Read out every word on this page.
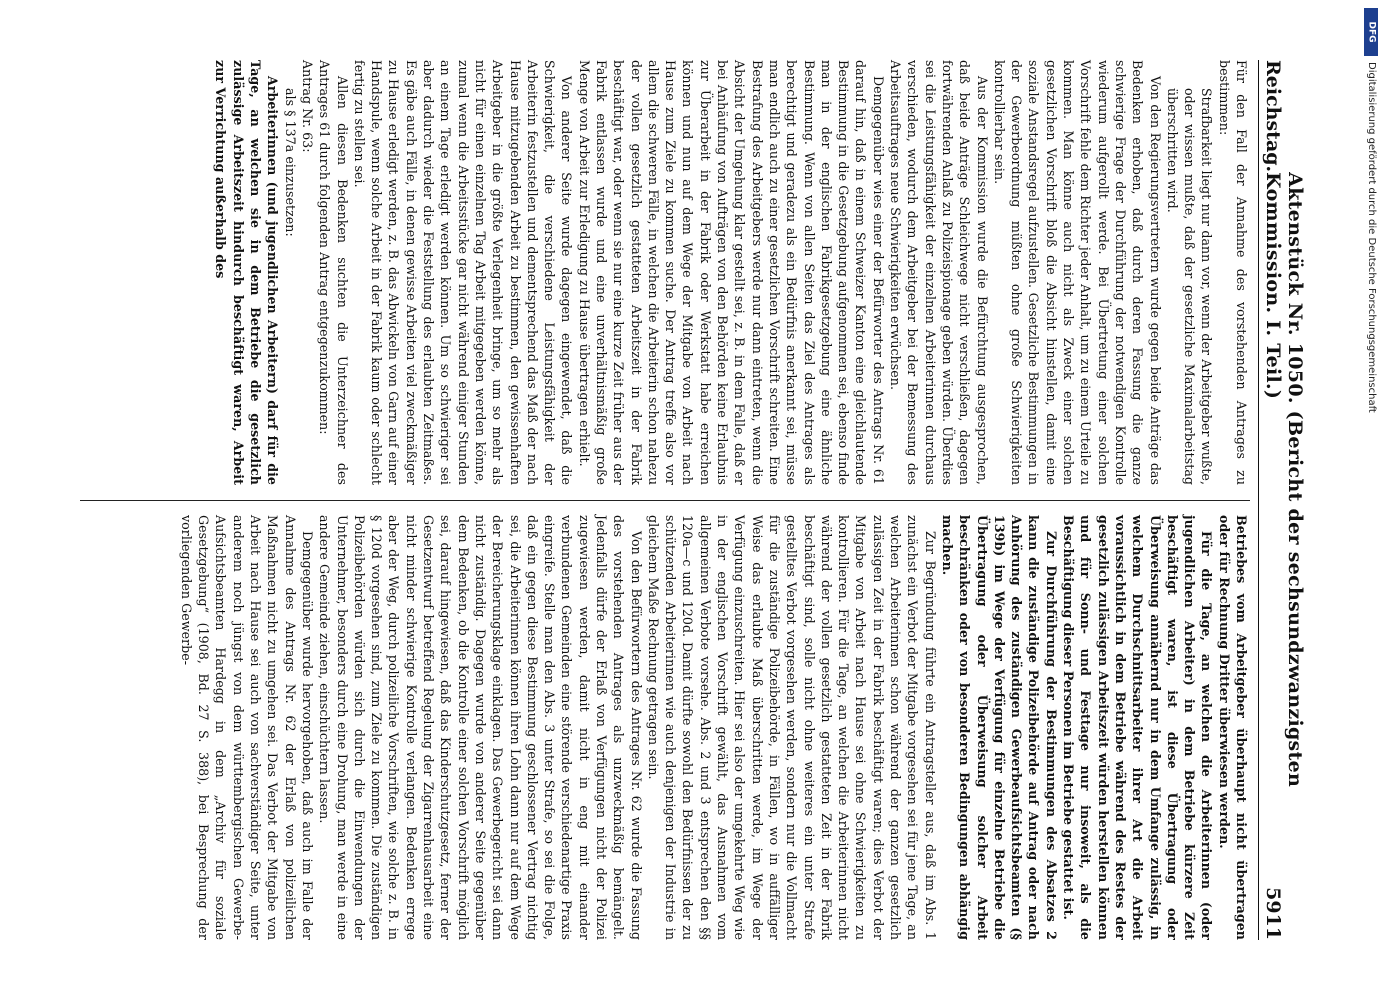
Reichstag.
Aktenstück Nr. 1050. (Bericht der sechsundzwanzigsten Kommission. I. Teil.)
5911

Für den Fall der Annahme des vorstehenden Antrages zu bestimmen:

Strafbarkeit liegt nur dann vor, wenn der Arbeitgeber wußte, oder wissen mußte, daß der gesetzliche Maximalarbeitstag überschritten wird.

Von den Regierungsvertretern wurde gegen beide Anträge das Bedenken erhoben, daß durch deren Fassung die ganze schwierige Frage der Durchführung der notwendigen Kontrolle wiederum aufgerollt werde. Bei Übertretung einer solchen Vorschrift fehle dem Richter jeder Anhalt, um zu einem Urteile zu kommen. Man könne auch nicht als Zweck einer solchen gesetzlichen Vorschrift bloß die Absicht hinstellen, damit eine soziale Anstandsregel aufzustellen. Gesetzliche Bestimmungen in der Gewerbeordnung müßten ohne große Schwierigkeiten kontrollierbar sein.

Aus der Kommission wurde die Befürchtung ausgesprochen, daß beide Anträge Schleichwege nicht verschließen, dagegen fortwährenden Anlaß zu Polizeispionage geben würden. Überdies sei die Leistungsfähigkeit der einzelnen Arbeiterinnen durchaus verschieden, wodurch dem Arbeitgeber bei der Bemessung des Arbeitsauftrages neue Schwierigkeiten erwüchsen.

Demgegenüber wies einer der Befürworter des Antrags Nr. 61 darauf hin, daß in einem Schweizer Kanton eine gleichlautende Bestimmung in die Gesetzgebung aufgenommen sei, ebenso finde man in der englischen Fabrikgesetzgebung eine ähnliche Bestimmung. Wenn von allen Seiten das Ziel des Antrages als berechtigt und geradezu als ein Bedürfnis anerkannt sei, müsse man endlich auch zu einer gesetzlichen Vorschrift schreiten. Eine Bestrafung des Arbeitgebers werde nur dann eintreten, wenn die Absicht der Umgehung klar gestellt sei, z. B. in dem Falle, daß er bei Anhäufung von Aufträgen von den Behörden keine Erlaubnis zur Überarbeit in der Fabrik oder Werkstatt habe erreichen können und nun auf dem Wege der Mitgabe von Arbeit nach Hause zum Ziele zu kommen suche. Der Antrag treffe also vor allem die schweren Fälle, in welchen die Arbeiterin schon nahezu der vollen gesetzlich gestatteten Arbeitszeit in der Fabrik beschäftigt war, oder wenn sie nur eine kurze Zeit früher aus der Fabrik entlassen wurde und eine unverhältnismäßig große Menge von Arbeit zur Erledigung zu Hause übertragen erhielt.

Von anderer Seite wurde dagegen eingewendet, daß die Schwierigkeit, die verschiedene Leistungsfähigkeit der Arbeiterin festzustellen und dementsprechend das Maß der nach Hause mitzugebenden Arbeit zu bestimmen, den gewissenhaften Arbeitgeber in die größte Verlegenheit bringe, um so mehr als nicht für einen einzelnen Tag Arbeit mitgegeben werden könne, zumal wenn die Arbeitsstücke gar nicht während einiger Stunden an einem Tage erledigt werden können. Um so schwieriger sei aber dadurch wieder die Feststellung des erlaubten Zeitmaßes. Es gäbe auch Fälle, in denen gewisse Arbeiten viel zweckmäßiger zu Hause erledigt werden, z. B. das Abwickeln von Garn auf einer Handspule, wenn solche Arbeit in der Fabrik kaum oder schlecht fertig zu stellen sei.

Allen diesen Bedenken suchten die Unterzeichner des Antrages 61 durch folgenden Antrag entgegenzukommen:

Antrag Nr. 63:

als § 137a einzusetzen:

Arbeiterinnen (und jugendlichen Arbeitern) darf für die Tage, an welchen sie in dem Betriebe die gesetzlich zulässige Arbeitszeit hindurch beschäftigt waren, Arbeit zur Verrichtung außerhalb des

Betriebes vom Arbeitgeber überhaupt nicht übertragen oder für Rechnung Dritter überwiesen werden.

Für die Tage, an welchen die Arbeiterinnen (oder jugendlichen Arbeiter) in dem Betriebe kürzere Zeit beschäftigt waren, ist diese Übertragung oder Überweisung annähernd nur in dem Umfange zulässig, in welchem Durchschnittsarbeiter ihrer Art die Arbeit voraussichtlich in dem Betriebe während des Restes der gesetzlich zulässigen Arbeitszeit würden herstellen können und für Sonn- und Festtage nur insoweit, als die Beschäftigung dieser Personen im Betriebe gestattet ist.

Zur Durchführung der Bestimmungen des Absatzes 2 kann die zuständige Polizeibehörde auf Antrag oder nach Anhörung des zuständigen Gewerbeaufsichtsbeamten (§ 139b) im Wege der Verfügung für einzelne Betriebe die Übertragung oder Überweisung solcher Arbeit beschränken oder von besonderen Bedingungen abhängig machen.

Zur Begründung führte ein Antragsteller aus, daß im Abs. 1 zunächst ein Verbot der Mitgabe vorgesehen sei für jene Tage, an welchen Arbeiterinnen schon während der ganzen gesetzlich zulässigen Zeit in der Fabrik beschäftigt waren; dies Verbot der Mitgabe von Arbeit nach Hause sei ohne Schwierigkeiten zu kontrollieren. Für die Tage, an welchen die Arbeiterinnen nicht während der vollen gesetzlich gestatteten Zeit in der Fabrik beschäftigt sind, solle nicht ohne weiteres ein unter Strafe gestelltes Verbot vorgesehen werden, sondern nur die Vollmacht für die zuständige Polizeibehörde, in Fällen, wo in auffälliger Weise das erlaubte Maß überschritten werde, im Wege der Verfügung einzuschreiten. Hier sei also der umgekehrte Weg wie in der englischen Vorschrift gewählt, das Ausnahmen vom allgemeinen Verbote vorsehe. Abs. 2 und 3 entsprechen den §§ 120a—c und 120d. Damit dürfte sowohl den Bedürfnissen der zu schützenden Arbeiterinnen wie auch denjenigen der Industrie in gleichem Maße Rechnung getragen sein.

Von den Befürwortern des Antrages Nr. 62 wurde die Fassung des vorstehenden Antrages als unzweckmäßig bemängelt. Jedenfalls dürfe der Erlaß von Verfügungen nicht der Polizei zugewiesen werden, damit nicht in eng mit einander verbundenen Gemeinden eine störende verschiedenartige Praxis eingreife. Stelle man den Abs. 3 unter Strafe, so sei die Folge, daß ein gegen diese Bestimmung geschlossener Vertrag nichtig sei, die Arbeiterinnen können ihren Lohn dann nur auf dem Wege der Bereicherungsklage einklagen. Das Gewerbegericht sei dann nicht zuständig. Dagegen wurde von anderer Seite gegenüber dem Bedenken, ob die Kontrolle einer solchen Vorschrift möglich sei, darauf hingewiesen, daß das Kinderschutzgesetz, ferner der Gesetzentwurf betreffend Regelung der Zigarrenhausarbeit eine nicht minder schwierige Kontrolle verlangen. Bedenken errege aber der Weg, durch polizeiliche Vorschriften, wie solche z. B. in § 120d vorgesehen sind, zum Ziele zu kommen. Die zuständigen Polizeibehörden würden sich durch die Einwendungen der Unternehmer, besonders durch eine Drohung, man werde in eine andere Gemeinde ziehen, einschüchtern lassen.

Demgegenüber wurde hervorgehoben, daß auch im Falle der Annahme des Antrags Nr. 62 der Erlaß von polizeilichen Maßnahmen nicht zu umgehen sei. Das Verbot der Mitgabe von Arbeit nach Hause sei auch von sachverständiger Seite, unter anderem noch jüngst von dem württembergischen Gewerbe-Aufsichtsbeamten Hardegg in dem „Archiv für soziale Gesetzgebung“ (1908, Bd. 27 S. 388), bei Besprechung der vorliegenden Gewerbe-

DFG
Digitalisierung gefördert durch die Deutsche Forschungsgemeinschaft
